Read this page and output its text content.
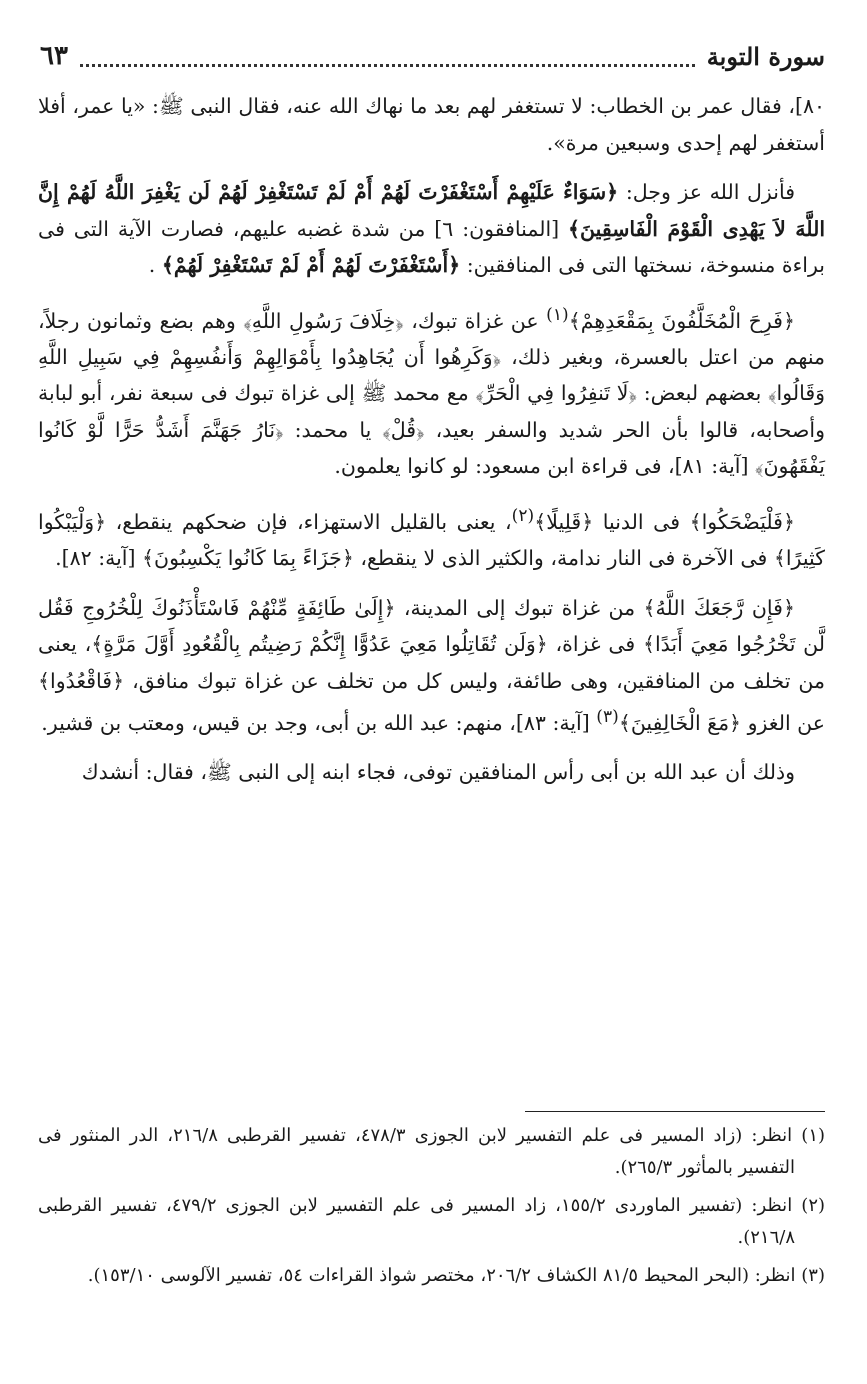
سورة التوبة
٦٣

٨٠]، فقال عمر بن الخطاب: لا تستغفر لهم بعد ما نهاك الله عنه، فقال النبى ﷺ: «يا عمر، أفلا أستغفر لهم إحدى وسبعين مرة».

فأنزل الله عز وجل: ﴿سَوَاءٌ عَلَيْهِمْ أَسْتَغْفَرْتَ لَهُمْ أَمْ لَمْ تَسْتَغْفِرْ لَهُمْ لَن يَغْفِرَ اللَّهُ لَهُمْ إِنَّ اللَّهَ لاَ يَهْدِى الْقَوْمَ الْفَاسِقِينَ﴾ [المنافقون: ٦] من شدة غضبه عليهم، فصارت الآية التى فى براءة منسوخة، نسختها التى فى المنافقين: ﴿أَسْتَغْفَرْتَ لَهُمْ أَمْ لَمْ تَسْتَغْفِرْ لَهُمْ﴾ .

﴿فَرِحَ الْمُخَلَّفُونَ بِمَقْعَدِهِمْ﴾$^{(١)}$ عن غزاة تبوك، ﴿خِلَافَ رَسُولِ اللَّهِ﴾ وهم بضع وثمانون رجلاً، منهم من اعتل بالعسرة، وبغير ذلك، ﴿وَكَرِهُوا أَن يُجَاهِدُوا بِأَمْوَالِهِمْ وَأَنفُسِهِمْ فِي سَبِيلِ اللَّهِ وَقَالُوا﴾ بعضهم لبعض: ﴿لَا تَنفِرُوا فِي الْحَرِّ﴾ مع محمد ﷺ إلى غزاة تبوك فى سبعة نفر، أبو لبابة وأصحابه، قالوا بأن الحر شديد والسفر بعيد، ﴿قُلْ﴾ يا محمد: ﴿نَارُ جَهَنَّمَ أَشَدُّ حَرًّا لَّوْ كَانُوا يَفْقَهُونَ﴾ [آية: ٨١]، فى قراءة ابن مسعود: لو كانوا يعلمون.

﴿فَلْيَضْحَكُوا﴾ فى الدنيا ﴿قَلِيلًا﴾$^{(٢)}$، يعنى بالقليل الاستهزاء، فإن ضحكهم ينقطع، ﴿وَلْيَبْكُوا كَثِيرًا﴾ فى الآخرة فى النار ندامة، والكثير الذى لا ينقطع، ﴿جَزَاءً بِمَا كَانُوا يَكْسِبُونَ﴾ [آية: ٨٢].

﴿فَإِن رَّجَعَكَ اللَّهُ﴾ من غزاة تبوك إلى المدينة، ﴿إِلَىٰ طَائِفَةٍ مِّنْهُمْ فَاسْتَأْذَنُوكَ لِلْخُرُوجِ فَقُل لَّن تَخْرُجُوا مَعِيَ أَبَدًا﴾ فى غزاة، ﴿وَلَن تُقَاتِلُوا مَعِيَ عَدُوًّا إِنَّكُمْ رَضِيتُم بِالْقُعُودِ أَوَّلَ مَرَّةٍ﴾، يعنى من تخلف من المنافقين، وهى طائفة، وليس كل من تخلف عن غزاة تبوك منافق، ﴿فَاقْعُدُوا﴾ عن الغزو ﴿مَعَ الْخَالِفِينَ﴾$^{(٣)}$ [آية: ٨٣]، منهم: عبد الله بن أبى، وجد بن قيس، ومعتب بن قشير.

وذلك أن عبد الله بن أبى رأس المنافقين توفى، فجاء ابنه إلى النبى ﷺ، فقال: أنشدك

(١) انظر: (زاد المسير فى علم التفسير لابن الجوزى ٤٧٨/٣، تفسير القرطبى ٢١٦/٨، الدر المنثور فى التفسير بالمأثور ٢٦٥/٣).

(٢) انظر: (تفسير الماوردى ١٥٥/٢، زاد المسير فى علم التفسير لابن الجوزى ٤٧٩/٢، تفسير القرطبى ٢١٦/٨).

(٣) انظر: (البحر المحيط ٨١/٥ الكشاف ٢٠٦/٢، مختصر شواذ القراءات ٥٤، تفسير الآلوسى ١٥٣/١٠).
